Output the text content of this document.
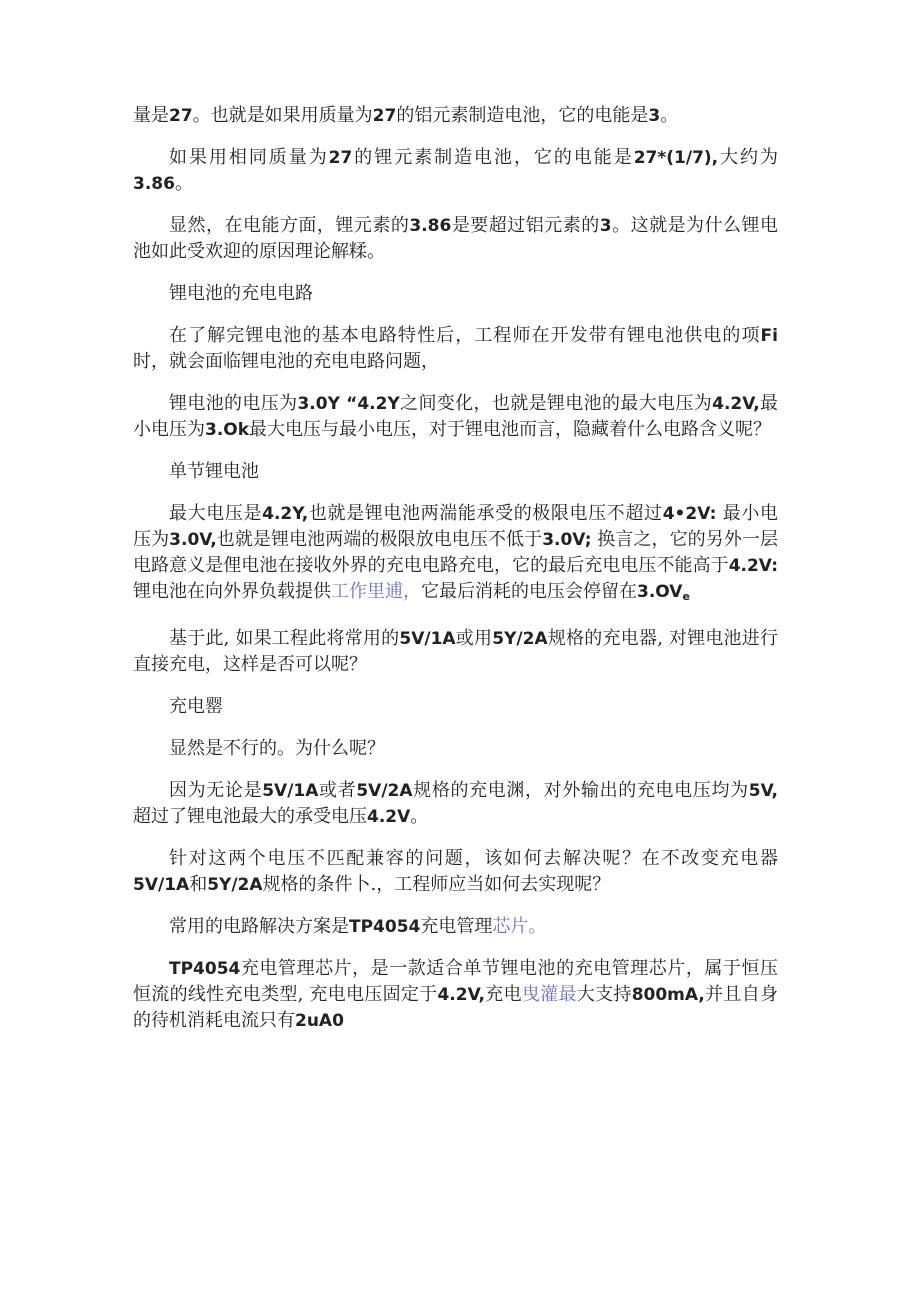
量是27。也就是如果用质量为27的铝元素制造电池，它的电能是3。

如果用相同质量为27的锂元素制造电池，它的电能是27*(1/7),大约为3.86。

显然，在电能方面，锂元素的3.86是要超过铝元素的3。这就是为什么锂电池如此受欢迎的原因理论解糅。

锂电池的充电电路

在了解完锂电池的基本电路特性后，工程师在开发带有锂电池供电的项Fi时，就会面临锂电池的充电电路问题，

锂电池的电压为3.0Y “4.2Y之间变化，也就是锂电池的最大电压为4.2V,最小电压为3.Ok最大电压与最小电压，对于锂电池而言，隐藏着什么电路含义呢？

单节锂电池

最大电压是4.2Y,也就是锂电池两湍能承受的极限电压不超过4•2V: 最小电压为3.0V,也就是锂电池两端的极限放电电压不低于3.0V; 换言之，它的另外一层电路意义是俚电池在接收外界的充电电路充电，它的最后充电电压不能高于4.2V: 锂电池在向外界负载提供工作里逋，它最后消耗的电压会停留在$3.OV_e$

基于此, 如果工程此将常用的5V/1A或用5Y/2A规格的充电器, 对锂电池进行直接充电，这样是否可以呢？

充电罂

显然是不行的。为什么呢？

因为无论是5V/1A或者5V/2A规格的充电渊，对外输出的充电电压均为5V,超过了锂电池最大的承受电压4.2V。

针对这两个电压不匹配兼容的问题，该如何去解决呢？在不改变充电器5V/1A和5Y/2A规格的条件卜.，工程师应当如何去实现呢？

常用的电路解决方案是TP4054充电管理芯片。

TP4054充电管理芯片，是一款适合单节锂电池的充电管理芯片，属于恒压恒流的线性充电类型, 充电电压固定于4.2V,充电曳灌最大支持800mA,并且自身的待机消耗电流只有2uA0
